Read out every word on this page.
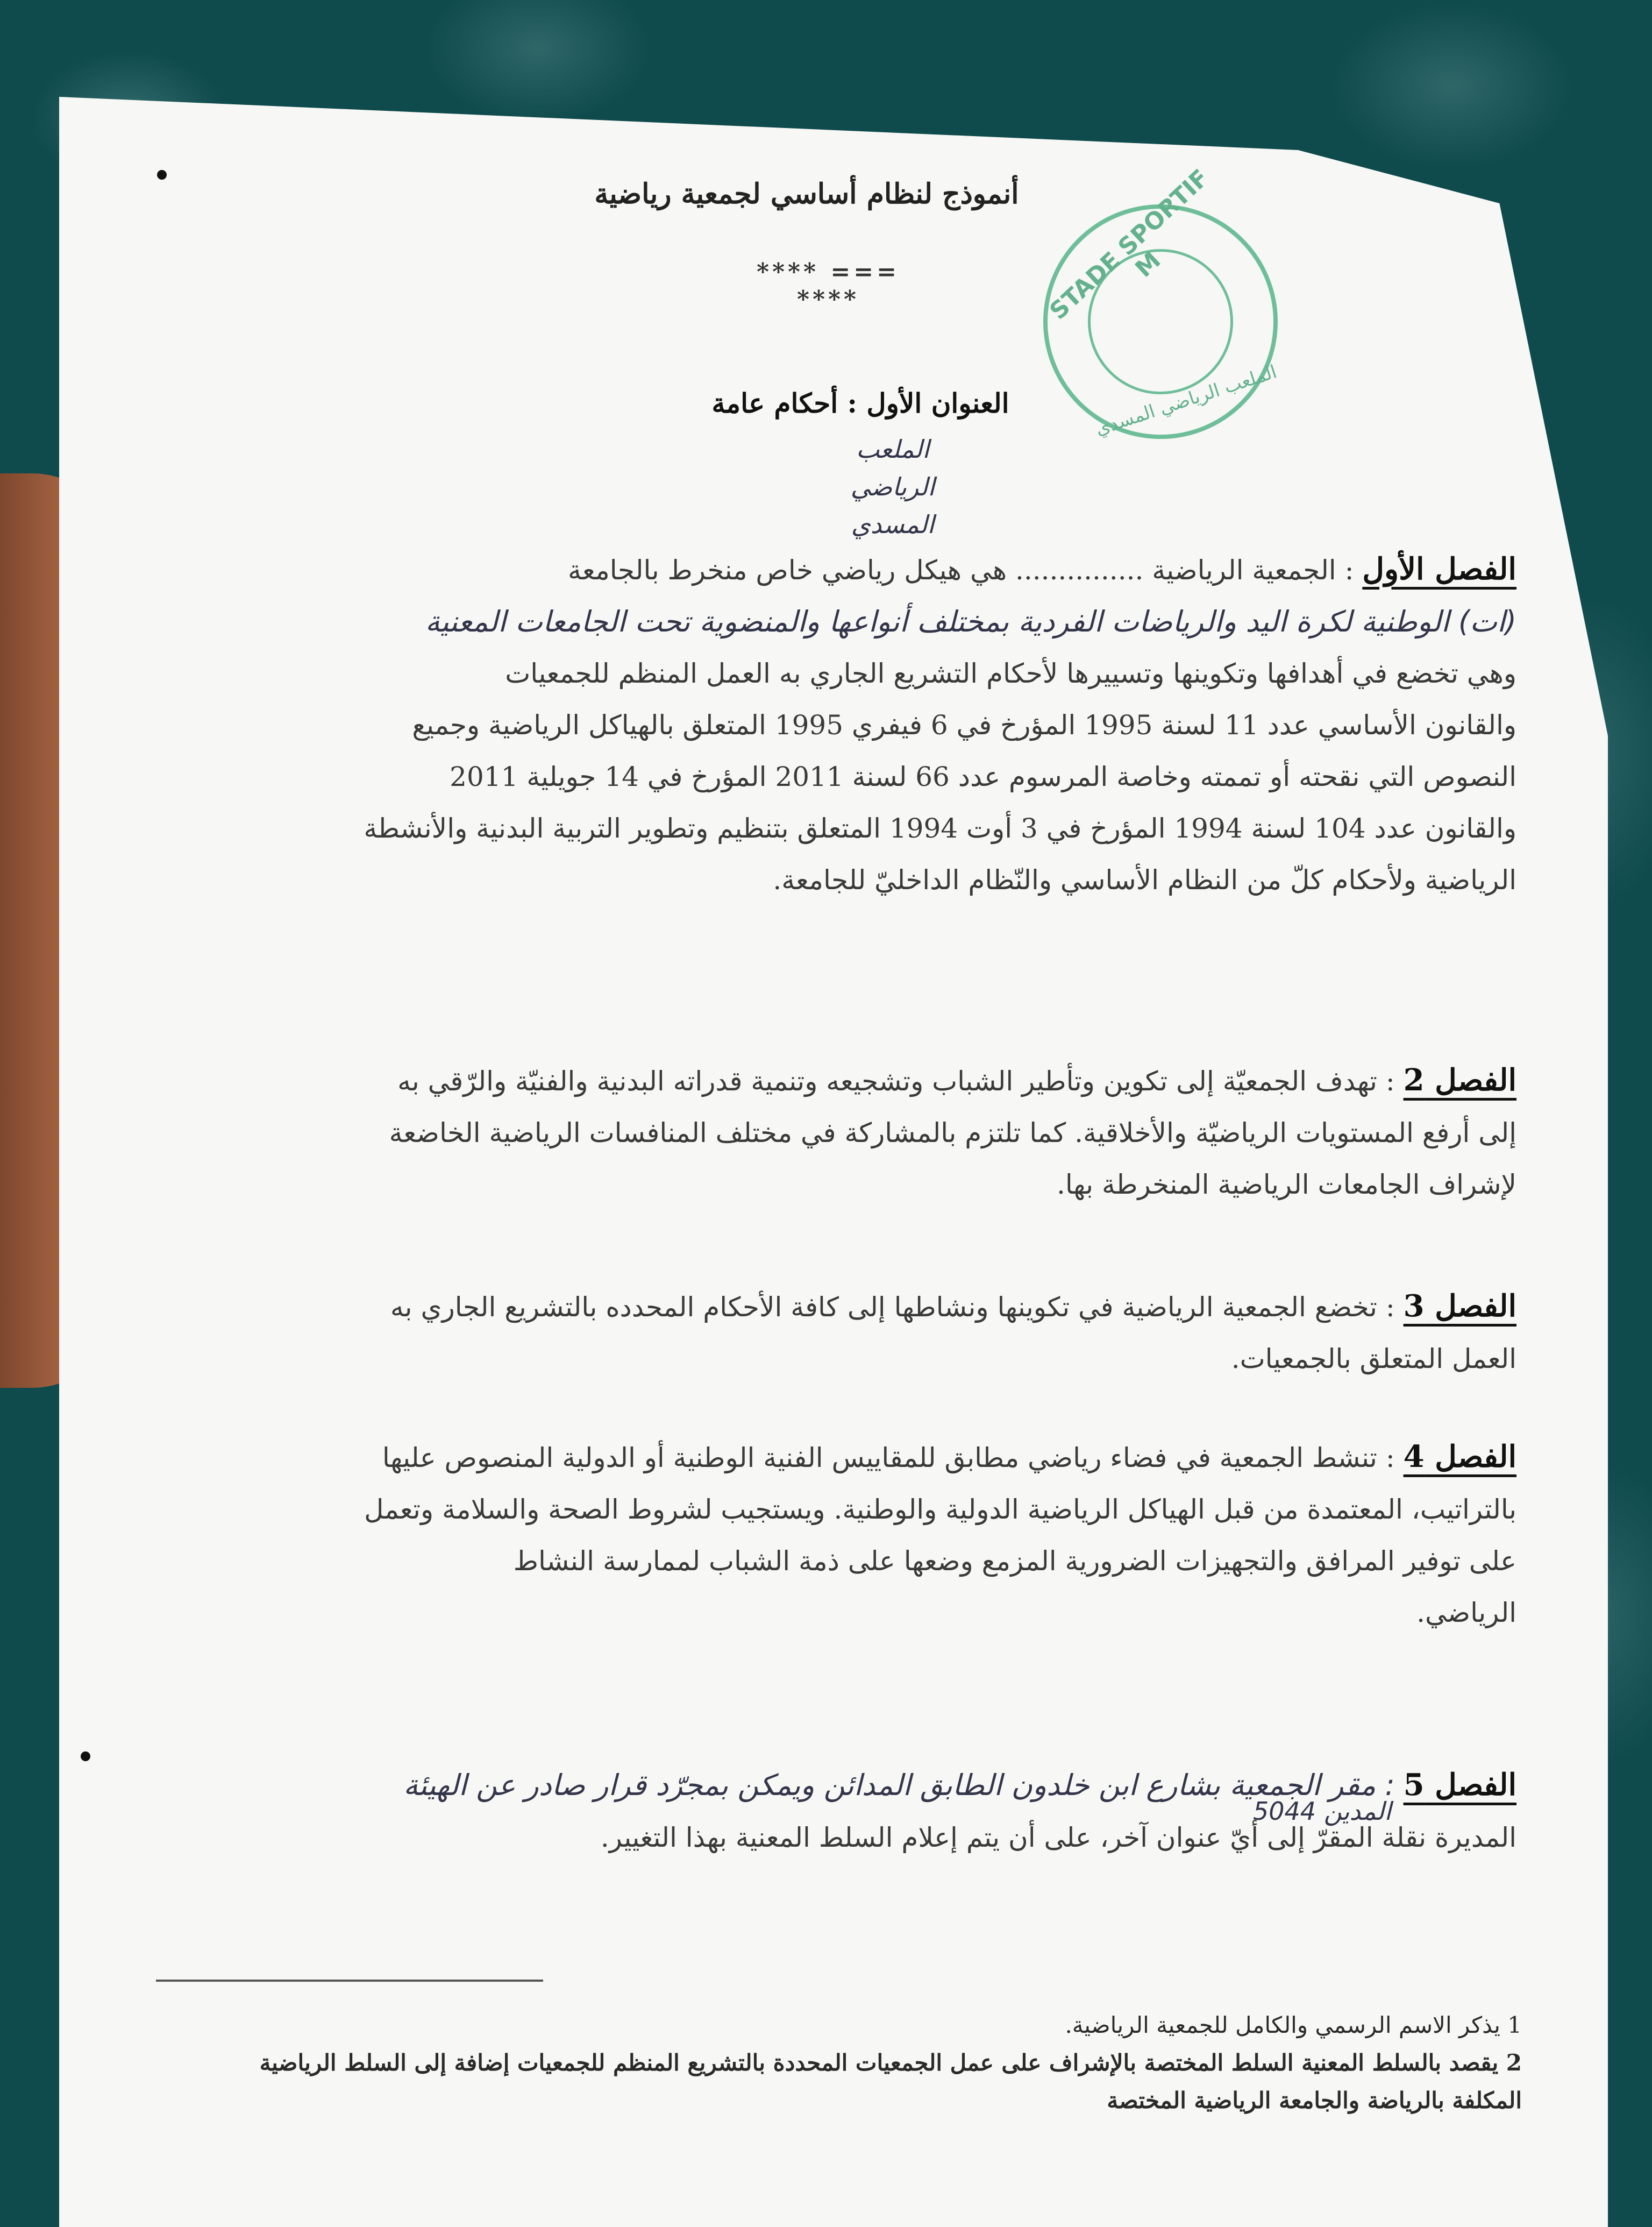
أنموذج لنظام أساسي لجمعية رياضية
**** === ****	STADE SPORTIF M
الملعب الرياضي المسدي
العنوان الأول : أحكام عامة
الملعب
الرياضي
المسدي
الفصل الأول : الجمعية الرياضية ............... هي هيكل رياضي خاص منخرط بالجامعة
(ات) الوطنية لكرة اليد والرياضات الفردية بمختلف أنواعها والمنضوية تحت الجامعات المعنية
وهي تخضع في أهدافها وتكوينها وتسييرها لأحكام التشريع الجاري به العمل المنظم للجمعيات
والقانون الأساسي عدد 11 لسنة 1995 المؤرخ في 6 فيفري 1995 المتعلق بالهياكل الرياضية وجميع
النصوص التي نقحته أو تممته وخاصة المرسوم عدد 66 لسنة 2011 المؤرخ في 14 جويلية 2011
والقانون عدد 104 لسنة 1994 المؤرخ في 3 أوت 1994 المتعلق بتنظيم وتطوير التربية البدنية والأنشطة
الرياضية ولأحكام كلّ من النظام الأساسي والنّظام الداخليّ للجامعة.
الفصل 2 : تهدف الجمعيّة إلى تكوين وتأطير الشباب وتشجيعه وتنمية قدراته البدنية والفنيّة والرّقي به
إلى أرفع المستويات الرياضيّة والأخلاقية. كما تلتزم بالمشاركة في مختلف المنافسات الرياضية الخاضعة
لإشراف الجامعات الرياضية المنخرطة بها.
الفصل 3 : تخضع الجمعية الرياضية في تكوينها ونشاطها إلى كافة الأحكام المحدده بالتشريع الجاري به
العمل المتعلق بالجمعيات.
الفصل 4 : تنشط الجمعية في فضاء رياضي مطابق للمقاييس الفنية الوطنية أو الدولية المنصوص عليها
بالتراتيب، المعتمدة من قبل الهياكل الرياضية الدولية والوطنية. ويستجيب لشروط الصحة والسلامة وتعمل
على توفير المرافق والتجهيزات الضرورية المزمع وضعها على ذمة الشباب لممارسة النشاط
الرياضي.
الفصل 5 : مقر الجمعية بشارع ابن خلدون الطابق المدائن ويمكن بمجرّد قرار صادر عن الهيئة
المديرة نقلة المقرّ إلى أيّ عنوان آخر، على أن يتم إعلام السلط المعنية بهذا التغيير.
المدين 5044
1 يذكر الاسم الرسمي والكامل للجمعية الرياضية.
2 يقصد بالسلط المعنية السلط المختصة بالإشراف على عمل الجمعيات المحددة بالتشريع المنظم للجمعيات إضافة إلى السلط الرياضية
المكلفة بالرياضة والجامعة الرياضية المختصة
